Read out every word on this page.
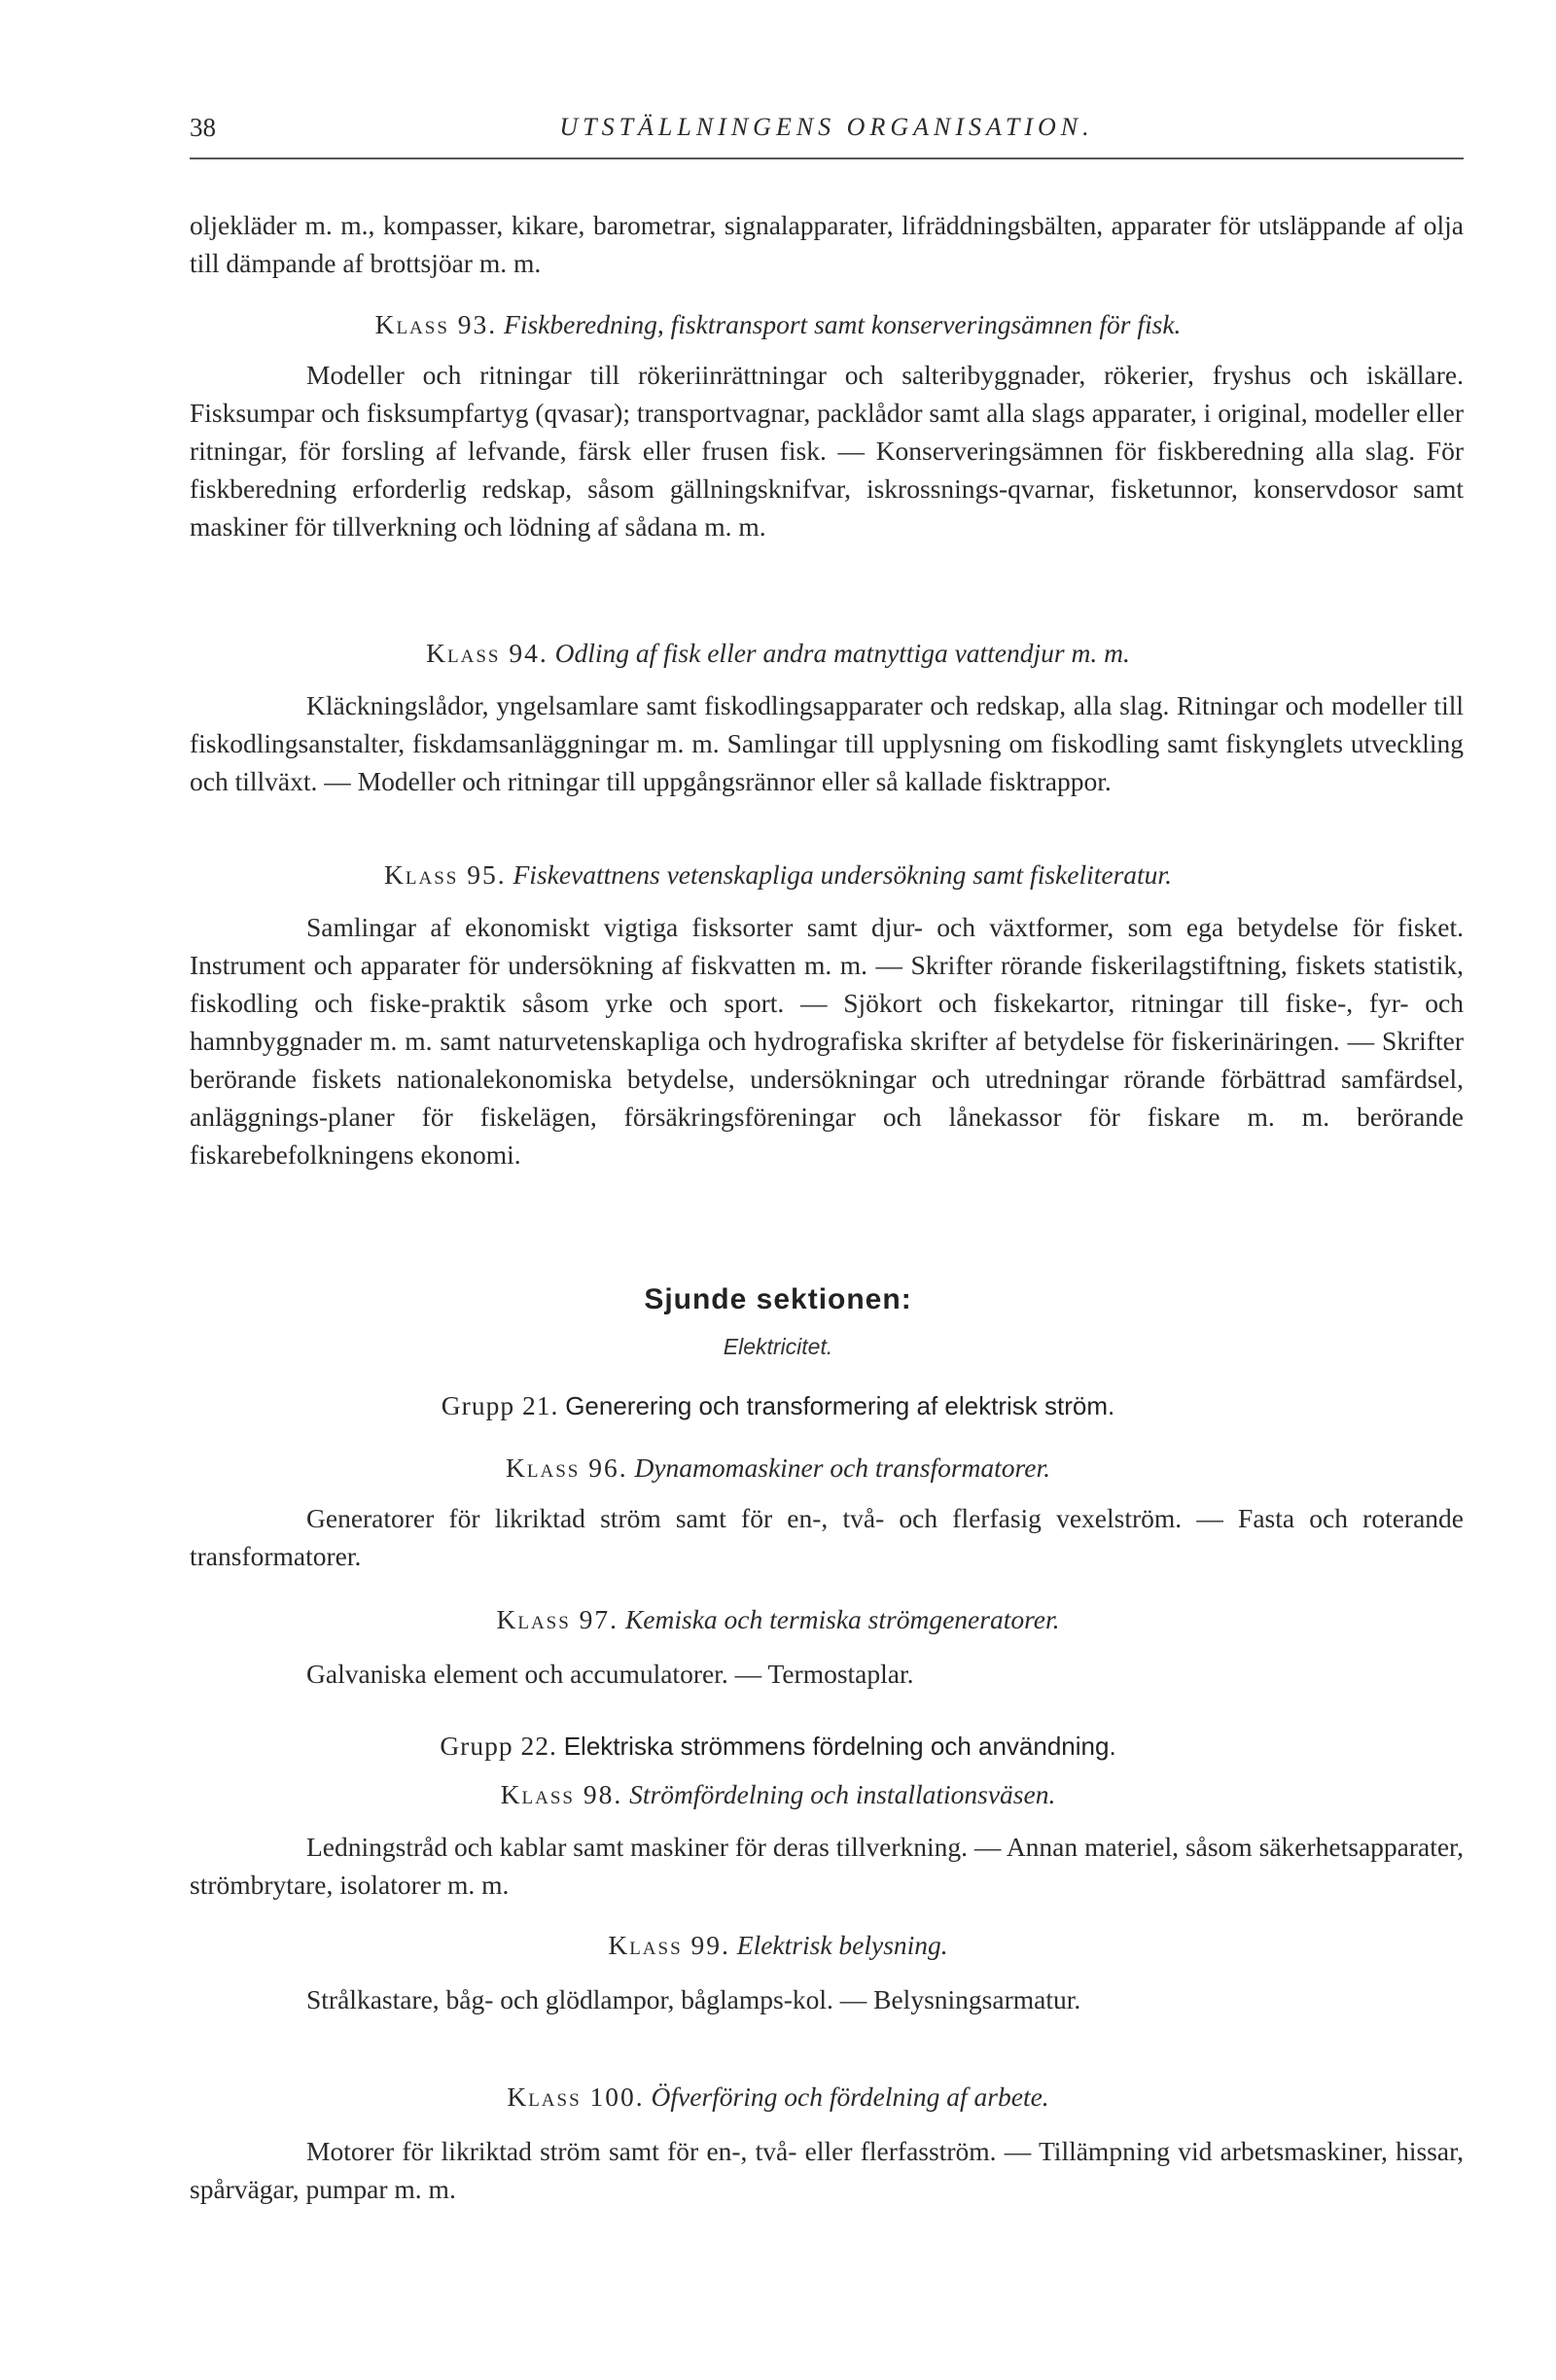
38	UTSTÄLLNINGENS ORGANISATION.

oljekläder m. m., kompasser, kikare, barometrar, signalapparater, lifräddningsbälten, apparater för utsläppande af olja till dämpande af brottsjöar m. m.

Klass 93. Fiskberedning, fisktransport samt konserveringsämnen för fisk.

Modeller och ritningar till rökeriinrättningar och salteribyggnader, rökerier, fryshus och iskällare. Fisksumpar och fisksumpfartyg (qvasar); transportvagnar, packlådor samt alla slags apparater, i original, modeller eller ritningar, för forsling af lefvande, färsk eller frusen fisk. — Konserveringsämnen för fiskberedning alla slag. För fiskberedning erforderlig redskap, såsom gällningsknifvar, iskrossnings-qvarnar, fisketunnor, konservdosor samt maskiner för tillverkning och lödning af sådana m. m.

Klass 94. Odling af fisk eller andra matnyttiga vattendjur m. m.

Kläckningslådor, yngelsamlare samt fiskodlingsapparater och redskap, alla slag. Ritningar och modeller till fiskodlingsanstalter, fiskdamsanläggningar m. m. Samlingar till upplysning om fiskodling samt fiskynglets utveckling och tillväxt. — Modeller och ritningar till uppgångsrännor eller så kallade fisktrappor.

Klass 95. Fiskevattnens vetenskapliga undersökning samt fiskeliteratur.

Samlingar af ekonomiskt vigtiga fisksorter samt djur- och växtformer, som ega betydelse för fisket. Instrument och apparater för undersökning af fiskvatten m. m. — Skrifter rörande fiskerilagstiftning, fiskets statistik, fiskodling och fiske-praktik såsom yrke och sport. — Sjökort och fiskekartor, ritningar till fiske-, fyr- och hamnbyggnader m. m. samt naturvetenskapliga och hydrografiska skrifter af betydelse för fiskerinäringen. — Skrifter berörande fiskets nationalekonomiska betydelse, undersökningar och utredningar rörande förbättrad samfärdsel, anläggnings-planer för fiskelägen, försäkringsföreningar och lånekassor för fiskare m. m. berörande fiskarebefolkningens ekonomi.

Sjunde sektionen:

Elektricitet.

Grupp 21. Generering och transformering af elektrisk ström.

Klass 96. Dynamomaskiner och transformatorer.

Generatorer för likriktad ström samt för en-, två- och flerfasig vexelström. — Fasta och roterande transformatorer.

Klass 97. Kemiska och termiska strömgeneratorer.

Galvaniska element och accumulatorer. — Termostaplar.

Grupp 22. Elektriska strömmens fördelning och användning.

Klass 98. Strömfördelning och installationsväsen.

Ledningstråd och kablar samt maskiner för deras tillverkning. — Annan materiel, såsom säkerhetsapparater, strömbrytare, isolatorer m. m.

Klass 99. Elektrisk belysning.

Strålkastare, båg- och glödlampor, båglamps-kol. — Belysningsarmatur.

Klass 100. Öfverföring och fördelning af arbete.

Motorer för likriktad ström samt för en-, två- eller flerfasström. — Tillämpning vid arbetsmaskiner, hissar, spårvägar, pumpar m. m.
